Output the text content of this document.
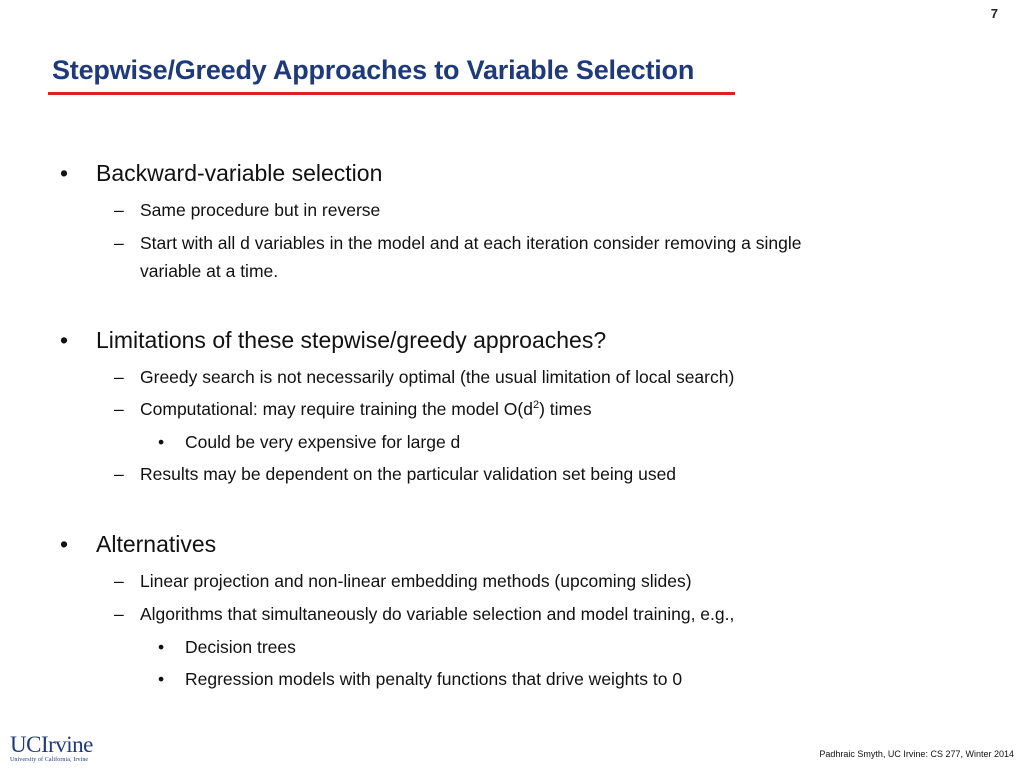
7
Stepwise/Greedy Approaches to Variable Selection
• Backward-variable selection
– Same procedure but in reverse
– Start with all d variables in the model and at each iteration consider removing a single
variable at a time.
• Limitations of these stepwise/greedy approaches?
– Greedy search is not necessarily optimal (the usual limitation of local search)
– Computational: may require training the model $O(d^2)$ times
• Could be very expensive for large d
– Results may be dependent on the particular validation set being used
• Alternatives
– Linear projection and non-linear embedding methods (upcoming slides)
– Algorithms that simultaneously do variable selection and model training, e.g.,
• Decision trees
• Regression models with penalty functions that drive weights to 0
UCIrvine
University of California, Irvine
Padhraic Smyth, UC Irvine: CS 277, Winter 2014
